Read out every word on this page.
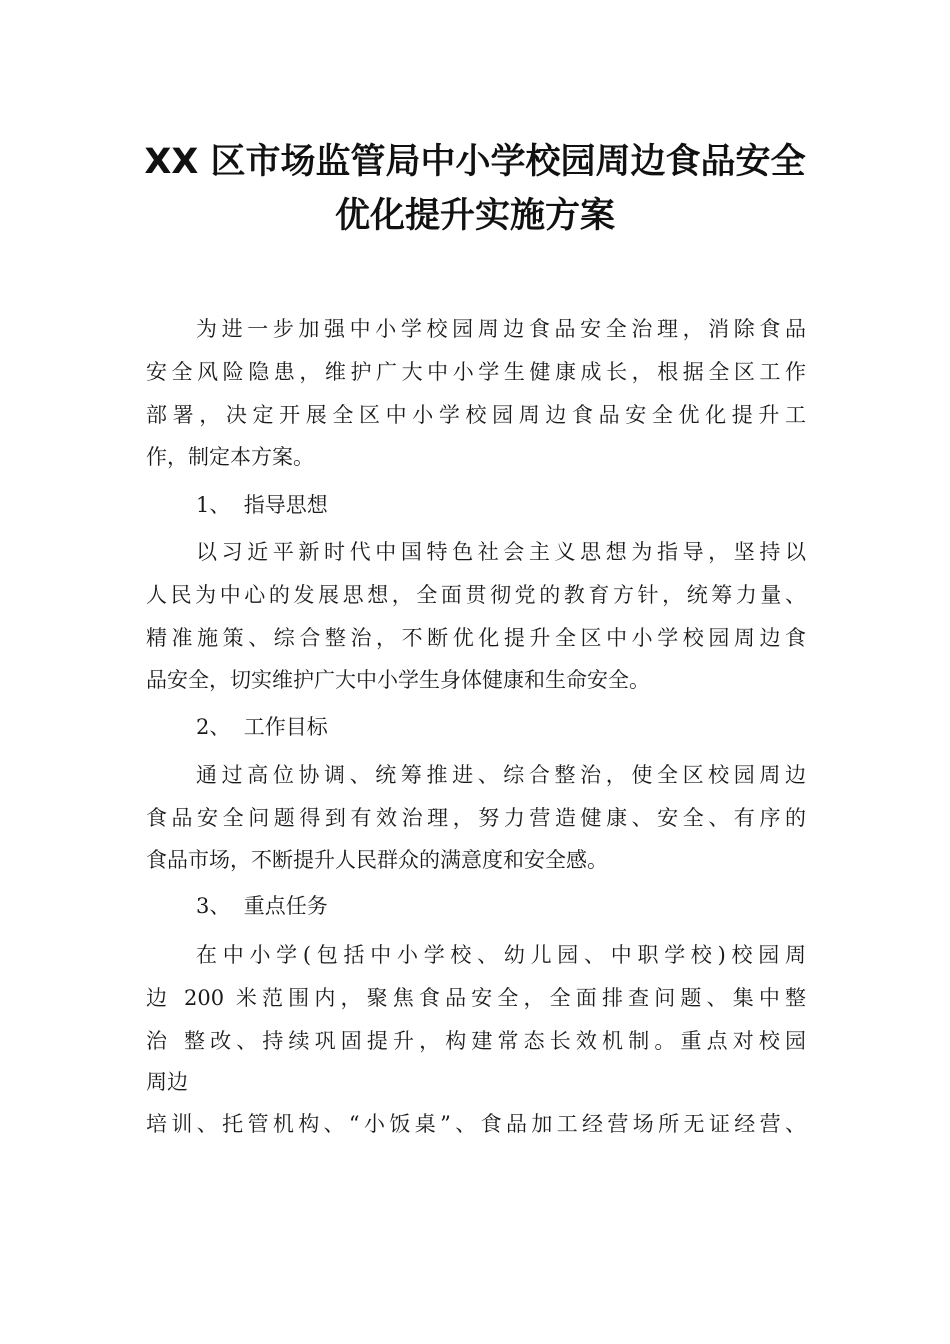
XX 区市场监管局中小学校园周边食品安全
优化提升实施方案
为进一步加强中小学校园周边食品安全治理，消除食品
安全风险隐患，维护广大中小学生健康成长，根据全区工作
部署，决定开展全区中小学校园周边食品安全优化提升工
作，制定本方案。
1、  指导思想
以习近平新时代中国特色社会主义思想为指导，坚持以
人民为中心的发展思想，全面贯彻党的教育方针，统筹力量、
精准施策、综合整治，不断优化提升全区中小学校园周边食
品安全，切实维护广大中小学生身体健康和生命安全。
2、  工作目标
通过高位协调、统筹推进、综合整治，使全区校园周边
食品安全问题得到有效治理，努力营造健康、安全、有序的
食品市场，不断提升人民群众的满意度和安全感。
3、  重点任务
在中小学(包括中小学校、幼儿园、中职学校)校园周
边 200 米范围内，聚焦食品安全，全面排查问题、集中整
治 整改、持续巩固提升，构建常态长效机制。重点对校园
周边
培训、托管机构、“小饭桌”、食品加工经营场所无证经营、
